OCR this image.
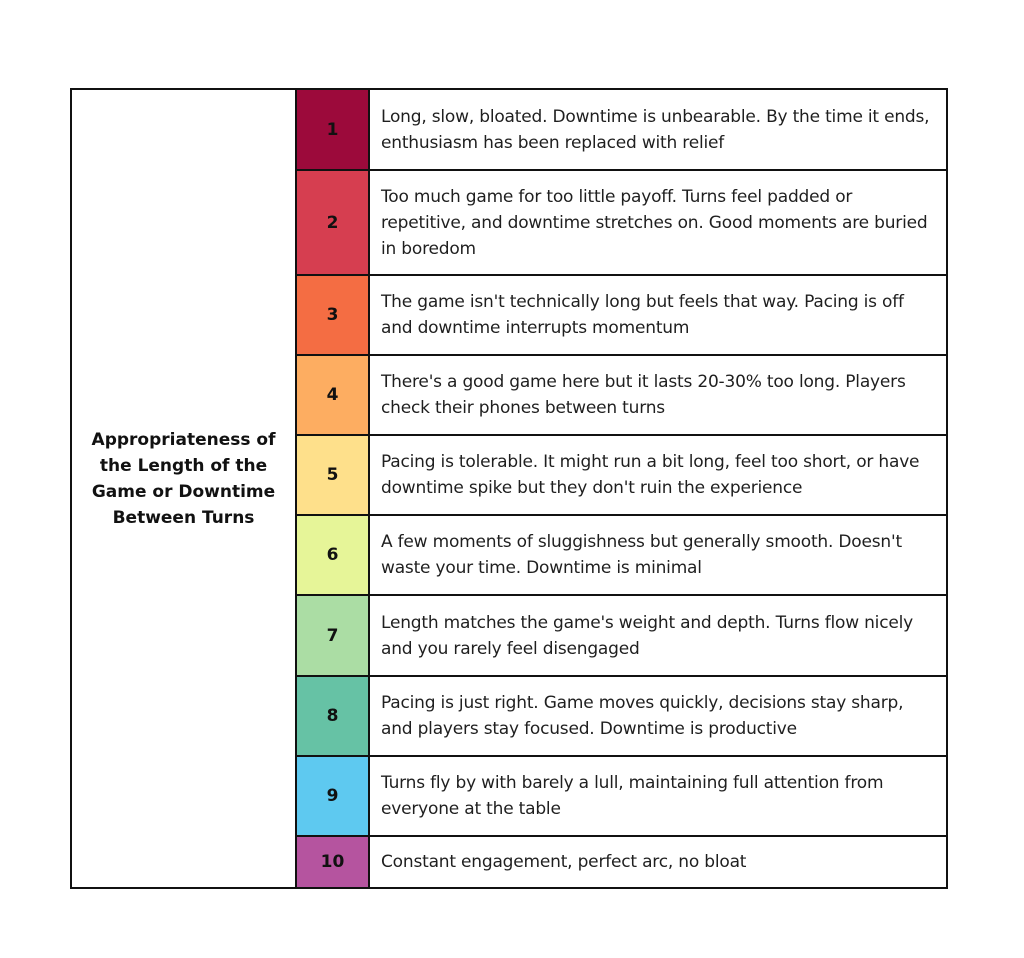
Appropriateness of the Length of the Game or Downtime Between Turns
1
Long, slow, bloated. Downtime is unbearable. By the time it ends, enthusiasm has been replaced with relief
2
Too much game for too little payoff. Turns feel padded or repetitive, and downtime stretches on. Good moments are buried in boredom
3
The game isn't technically long but feels that way. Pacing is off and downtime interrupts momentum
4
There's a good game here but it lasts 20-30% too long. Players check their phones between turns
5
Pacing is tolerable. It might run a bit long, feel too short, or have downtime spike but they don't ruin the experience
6
A few moments of sluggishness but generally smooth. Doesn't waste your time. Downtime is minimal
7
Length matches the game's weight and depth. Turns flow nicely and you rarely feel disengaged
8
Pacing is just right. Game moves quickly, decisions stay sharp, and players stay focused. Downtime is productive
9
Turns fly by with barely a lull, maintaining full attention from everyone at the table
10	Constant engagement, perfect arc, no bloat
